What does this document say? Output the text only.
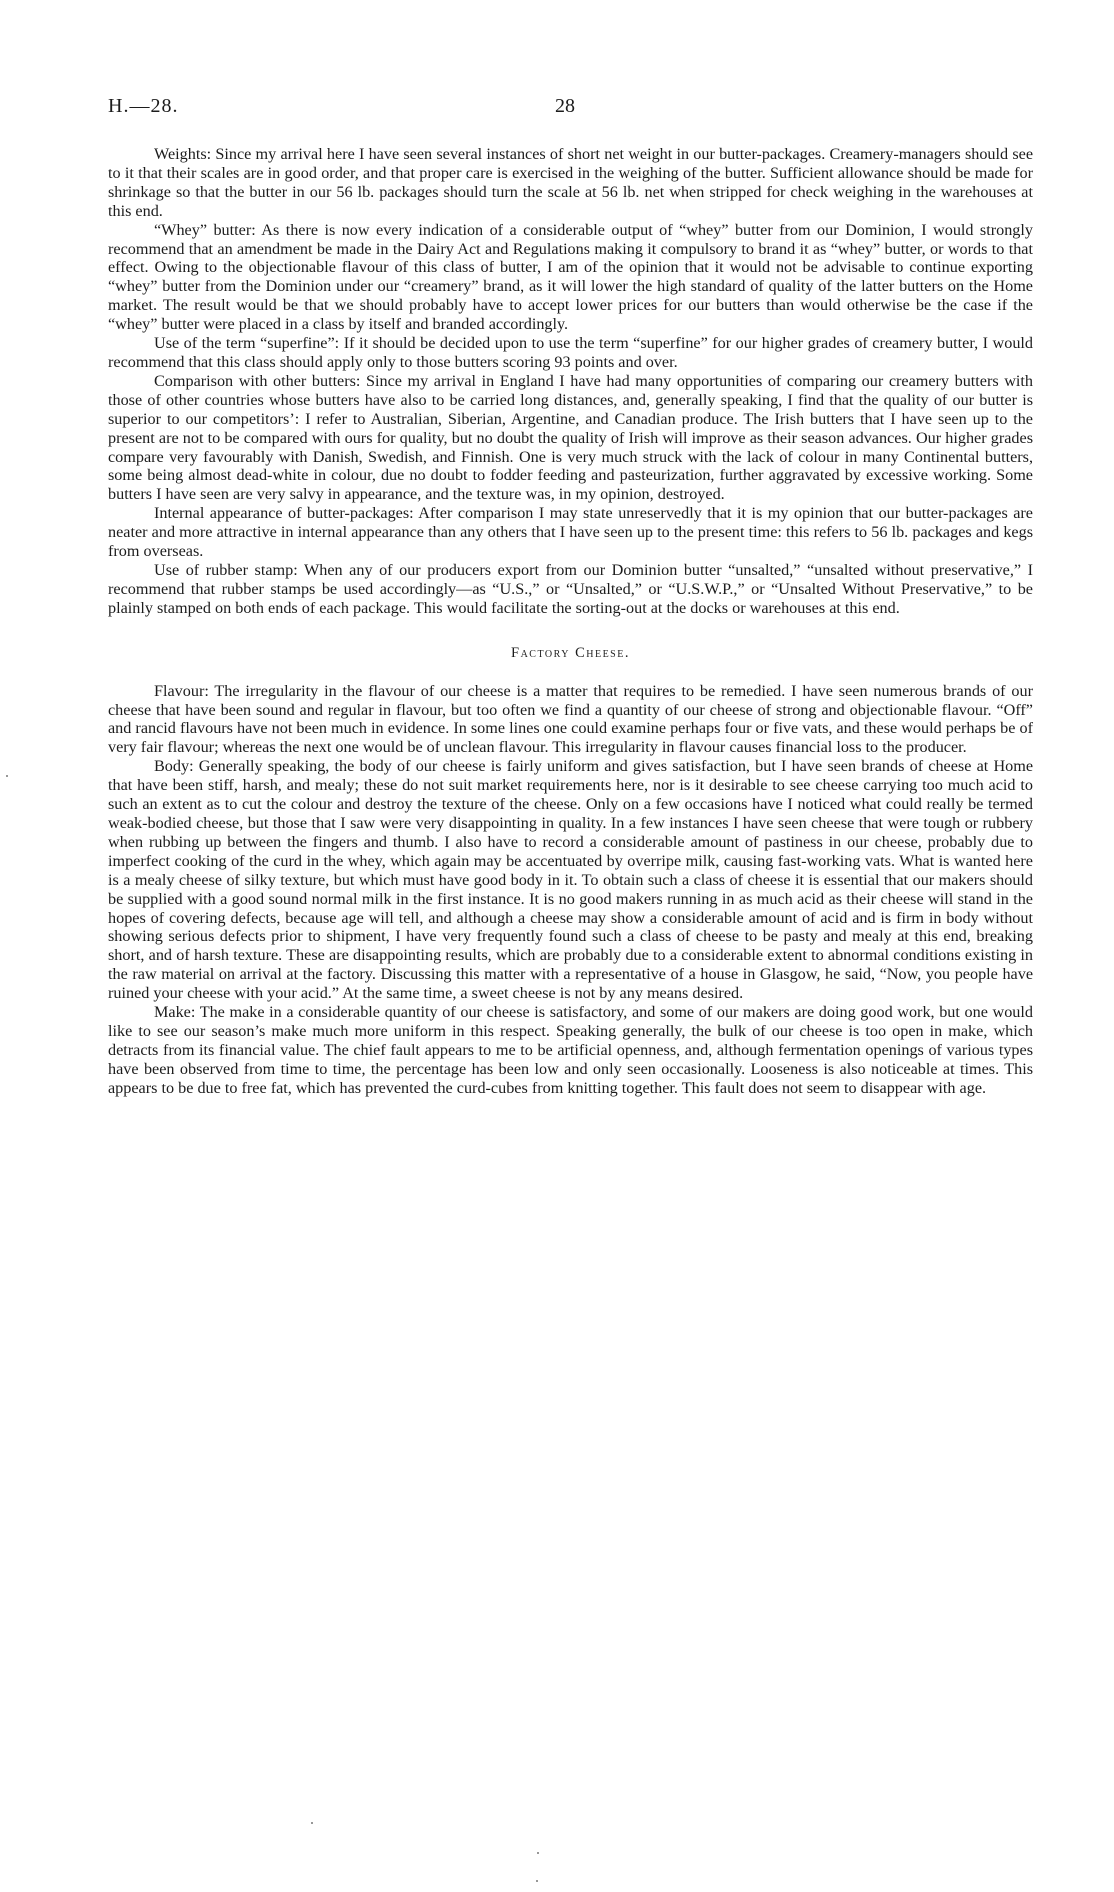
H.—28.	28

Weights: Since my arrival here I have seen several instances of short net weight in our butter-packages. Creamery-managers should see to it that their scales are in good order, and that proper care is exercised in the weighing of the butter. Sufficient allowance should be made for shrinkage so that the butter in our 56 lb. packages should turn the scale at 56 lb. net when stripped for check weighing in the warehouses at this end.

“Whey” butter: As there is now every indication of a considerable output of “whey” butter from our Dominion, I would strongly recommend that an amendment be made in the Dairy Act and Regulations making it compulsory to brand it as “whey” butter, or words to that effect. Owing to the objectionable flavour of this class of butter, I am of the opinion that it would not be advisable to continue exporting “whey” butter from the Dominion under our “creamery” brand, as it will lower the high standard of quality of the latter butters on the Home market. The result would be that we should probably have to accept lower prices for our butters than would otherwise be the case if the “whey” butter were placed in a class by itself and branded accordingly.

Use of the term “superfine”: If it should be decided upon to use the term “superfine” for our higher grades of creamery butter, I would recommend that this class should apply only to those butters scoring 93 points and over.

Comparison with other butters: Since my arrival in England I have had many opportunities of comparing our creamery butters with those of other countries whose butters have also to be carried long distances, and, generally speaking, I find that the quality of our butter is superior to our competitors’: I refer to Australian, Siberian, Argentine, and Canadian produce. The Irish butters that I have seen up to the present are not to be compared with ours for quality, but no doubt the quality of Irish will improve as their season advances. Our higher grades compare very favourably with Danish, Swedish, and Finnish. One is very much struck with the lack of colour in many Continental butters, some being almost dead-white in colour, due no doubt to fodder feeding and pasteurization, further aggravated by excessive working. Some butters I have seen are very salvy in appearance, and the texture was, in my opinion, destroyed.

Internal appearance of butter-packages: After comparison I may state unreservedly that it is my opinion that our butter-packages are neater and more attractive in internal appearance than any others that I have seen up to the present time: this refers to 56 lb. packages and kegs from overseas.

Use of rubber stamp: When any of our producers export from our Dominion butter “unsalted,” “unsalted without preservative,” I recommend that rubber stamps be used accordingly—as “U.S.,” or “Unsalted,” or “U.S.W.P.,” or “Unsalted Without Preservative,” to be plainly stamped on both ends of each package. This would facilitate the sorting-out at the docks or warehouses at this end.

Factory Cheese.

Flavour: The irregularity in the flavour of our cheese is a matter that requires to be remedied. I have seen numerous brands of our cheese that have been sound and regular in flavour, but too often we find a quantity of our cheese of strong and objectionable flavour. “Off” and rancid flavours have not been much in evidence. In some lines one could examine perhaps four or five vats, and these would perhaps be of very fair flavour; whereas the next one would be of unclean flavour. This irregularity in flavour causes financial loss to the producer.

Body: Generally speaking, the body of our cheese is fairly uniform and gives satisfaction, but I have seen brands of cheese at Home that have been stiff, harsh, and mealy; these do not suit market requirements here, nor is it desirable to see cheese carrying too much acid to such an extent as to cut the colour and destroy the texture of the cheese. Only on a few occasions have I noticed what could really be termed weak-bodied cheese, but those that I saw were very disappointing in quality. In a few instances I have seen cheese that were tough or rubbery when rubbing up between the fingers and thumb. I also have to record a considerable amount of pastiness in our cheese, probably due to imperfect cooking of the curd in the whey, which again may be accentuated by overripe milk, causing fast-working vats. What is wanted here is a mealy cheese of silky texture, but which must have good body in it. To obtain such a class of cheese it is essential that our makers should be supplied with a good sound normal milk in the first instance. It is no good makers running in as much acid as their cheese will stand in the hopes of covering defects, because age will tell, and although a cheese may show a considerable amount of acid and is firm in body without showing serious defects prior to shipment, I have very frequently found such a class of cheese to be pasty and mealy at this end, breaking short, and of harsh texture. These are disappointing results, which are probably due to a considerable extent to abnormal conditions existing in the raw material on arrival at the factory. Discussing this matter with a representative of a house in Glasgow, he said, “Now, you people have ruined your cheese with your acid.” At the same time, a sweet cheese is not by any means desired.

Make: The make in a considerable quantity of our cheese is satisfactory, and some of our makers are doing good work, but one would like to see our season’s make much more uniform in this respect. Speaking generally, the bulk of our cheese is too open in make, which detracts from its financial value. The chief fault appears to me to be artificial openness, and, although fermentation openings of various types have been observed from time to time, the percentage has been low and only seen occasionally. Looseness is also noticeable at times. This appears to be due to free fat, which has prevented the curd-cubes from knitting together. This fault does not seem to disappear with age.
